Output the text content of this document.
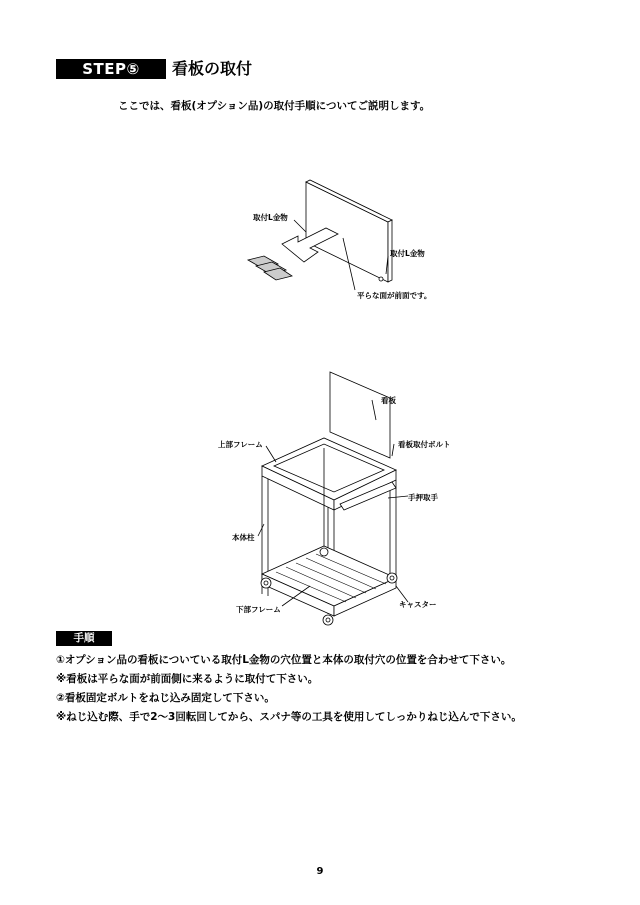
STEP⑤	看板の取付
ここでは、看板(オプション品)の取付手順についてご説明します。
取付L金物
取付L金物
平らな面が前面です。
看板
上部フレーム	看板取付ボルト
手押取手
本体柱
下部フレーム
キャスター
手順
①オプション品の看板についている取付L金物の穴位置と本体の取付穴の位置を合わせて下さい。
※看板は平らな面が前面側に来るように取付て下さい。
②看板固定ボルトをねじ込み固定して下さい。
※ねじ込む際、手で2～3回転回してから、スパナ等の工具を使用してしっかりねじ込んで下さい。
9
